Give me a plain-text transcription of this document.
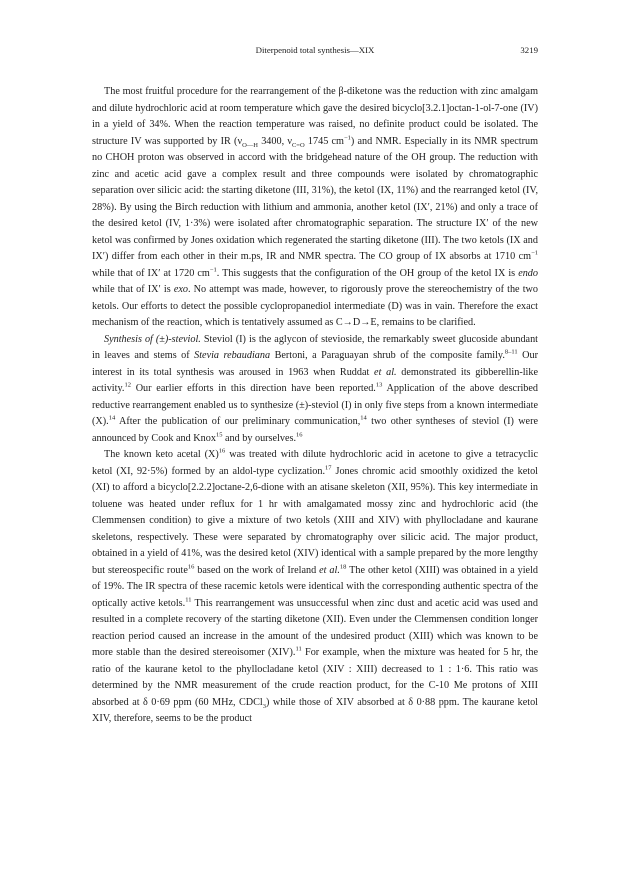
Diterpenoid total synthesis—XIX	3219

The most fruitful procedure for the rearrangement of the β-diketone was the reduction with zinc amalgam and dilute hydrochloric acid at room temperature which gave the desired bicyclo[3.2.1]octan-1-ol-7-one (IV) in a yield of 34%. When the reaction temperature was raised, no definite product could be isolated. The structure IV was supported by IR ($\nu_{O—H}$ 3400, $\nu_{C=O}$ 1745 $cm^{-1}$) and NMR. Especially in its NMR spectrum no CHOH proton was observed in accord with the bridgehead nature of the OH group. The reduction with zinc and acetic acid gave a complex result and three compounds were isolated by chromatographic separation over silicic acid: the starting diketone (III, 31%), the ketol (IX, 11%) and the rearranged ketol (IV, 28%). By using the Birch reduction with lithium and ammonia, another ketol (IX′, 21%) and only a trace of the desired ketol (IV, 1·3%) were isolated after chromatographic separation. The structure IX′ of the new ketol was confirmed by Jones oxidation which regenerated the starting diketone (III). The two ketols (IX and IX′) differ from each other in their m.ps, IR and NMR spectra. The CO group of IX absorbs at 1710 $cm^{-1}$ while that of IX′ at 1720 $cm^{-1}$. This suggests that the configuration of the OH group of the ketol IX is endo while that of IX′ is exo. No attempt was made, however, to rigorously prove the stereochemistry of the two ketols. Our efforts to detect the possible cyclopropanediol intermediate (D) was in vain. Therefore the exact mechanism of the reaction, which is tentatively assumed as C→D→E, remains to be clarified.

Synthesis of (±)-steviol. Steviol (I) is the aglycon of stevioside, the remarkably sweet glucoside abundant in leaves and stems of Stevia rebaudiana Bertoni, a Paraguayan shrub of the composite family.$^{8-11}$ Our interest in its total synthesis was aroused in 1963 when Ruddat et al. demonstrated its gibberellin-like activity.$^{12}$ Our earlier efforts in this direction have been reported.$^{13}$ Application of the above described reductive rearrangement enabled us to synthesize (±)-steviol (I) in only five steps from a known intermediate (X).$^{14}$ After the publication of our preliminary communication,$^{14}$ two other syntheses of steviol (I) were announced by Cook and Knox$^{15}$ and by ourselves.$^{16}$

The known keto acetal $(X)^{16}$ was treated with dilute hydrochloric acid in acetone to give a tetracyclic ketol (XI, 92·5%) formed by an aldol-type cyclization.$^{17}$ Jones chromic acid smoothly oxidized the ketol (XI) to afford a bicyclo[2.2.2]octane-2,6-dione with an atisane skeleton (XII, 95%). This key intermediate in toluene was heated under reflux for 1 hr with amalgamated mossy zinc and hydrochloric acid (the Clemmensen condition) to give a mixture of two ketols (XIII and XIV) with phyllocladane and kaurane skeletons, respectively. These were separated by chromatography over silicic acid. The major product, obtained in a yield of 41%, was the desired ketol (XIV) identical with a sample prepared by the more lengthy but stereospecific route$^{16}$ based on the work of Ireland et al.$^{18}$ The other ketol (XIII) was obtained in a yield of 19%. The IR spectra of these racemic ketols were identical with the corresponding authentic spectra of the optically active ketols.$^{11}$ This rearrangement was unsuccessful when zinc dust and acetic acid was used and resulted in a complete recovery of the starting diketone (XII). Even under the Clemmensen condition longer reaction period caused an increase in the amount of the undesired product (XIII) which was known to be more stable than the desired stereoisomer (XIV).$^{11}$ For example, when the mixture was heated for 5 hr, the ratio of the kaurane ketol to the phyllocladane ketol (XIV : XIII) decreased to 1 : 1·6. This ratio was determined by the NMR measurement of the crude reaction product, for the C-10 Me protons of XIII absorbed at δ 0·69 ppm (60 MHz, CDCl$_3$) while those of XIV absorbed at δ 0·88 ppm. The kaurane ketol XIV, therefore, seems to be the product
